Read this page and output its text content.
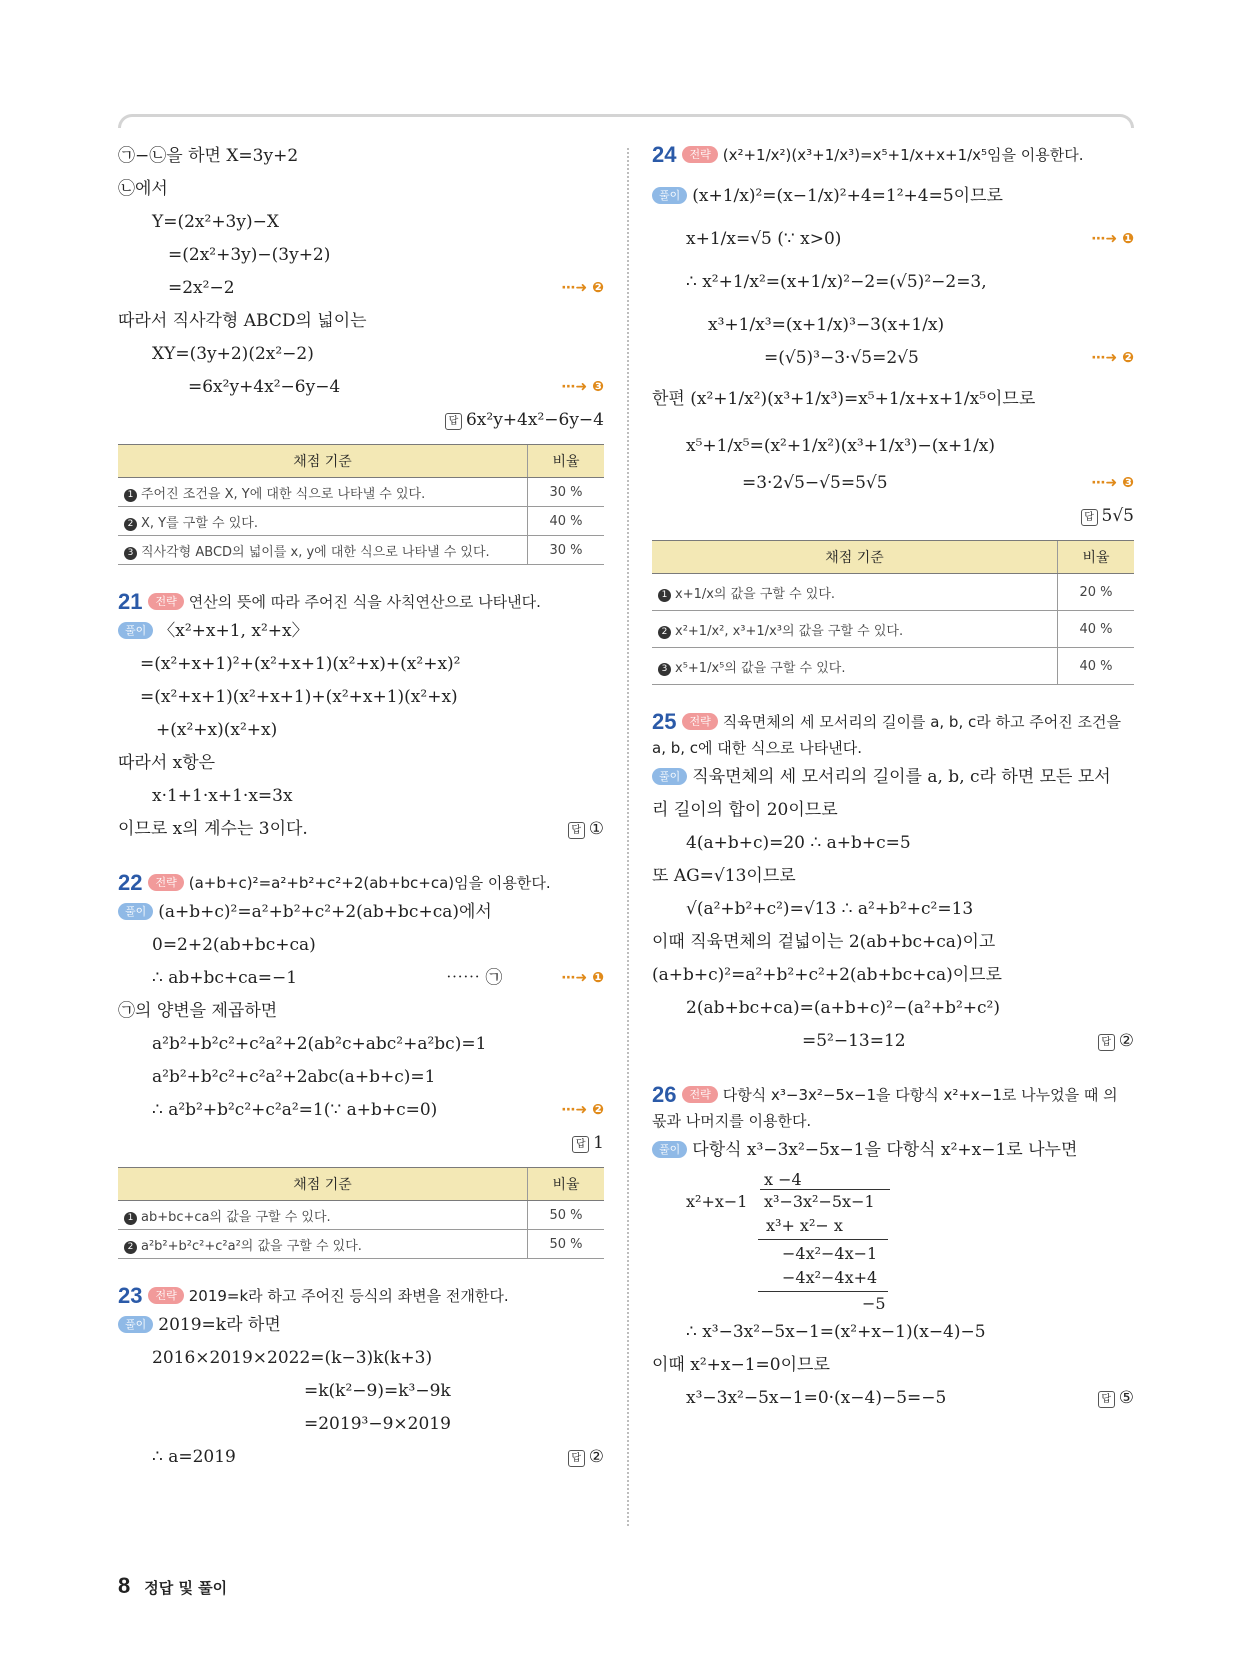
㉠−㉡을 하면 X=3y+2
㉡에서
Y=(2x²+3y)−X
=(2x²+3y)−(3y+2)
=2x²−2	⋯➜ ❷
따라서 직사각형 ABCD의 넓이는
XY=(3y+2)(2x²−2)
=6x²y+4x²−6y−4	⋯➜ ❸
답 6x²y+4x²−6y−4
채점 기준	비율
1 주어진 조건을 X, Y에 대한 식으로 나타낼 수 있다.	30 %
2 X, Y를 구할 수 있다.	40 %
3 직사각형 ABCD의 넓이를 x, y에 대한 식으로 나타낼 수 있다.	30 %
21 전략 연산의 뜻에 따라 주어진 식을 사칙연산으로 나타낸다.
풀이 〈x²+x+1, x²+x〉
=(x²+x+1)²+(x²+x+1)(x²+x)+(x²+x)²
=(x²+x+1)(x²+x+1)+(x²+x+1)(x²+x)
+(x²+x)(x²+x)
따라서 x항은
x·1+1·x+1·x=3x
이므로 x의 계수는 3이다.	답 ①
22 전략 (a+b+c)²=a²+b²+c²+2(ab+bc+ca)임을 이용한다.
풀이 (a+b+c)²=a²+b²+c²+2(ab+bc+ca)에서
0=2+2(ab+bc+ca)
∴ ab+bc+ca=−1	⋯⋯ ㉠	⋯➜ ❶
㉠의 양변을 제곱하면
a²b²+b²c²+c²a²+2(ab²c+abc²+a²bc)=1
a²b²+b²c²+c²a²+2abc(a+b+c)=1
∴ a²b²+b²c²+c²a²=1(∵ a+b+c=0)	⋯➜ ❷
답 1
채점 기준	비율
1 ab+bc+ca의 값을 구할 수 있다.	50 %
2 a²b²+b²c²+c²a²의 값을 구할 수 있다.	50 %
23 전략 2019=k라 하고 주어진 등식의 좌변을 전개한다.
풀이 2019=k라 하면
2016×2019×2022=(k−3)k(k+3)
=k(k²−9)=k³−9k
=2019³−9×2019
∴ a=2019	답 ②
24 전략 (x²+1/x²)(x³+1/x³)=x⁵+1/x+x+1/x⁵임을 이용한다.
풀이 (x+1/x)²=(x−1/x)²+4=1²+4=5이므로
x+1/x=√5 (∵ x>0)	⋯➜ ❶
∴ x²+1/x²=(x+1/x)²−2=(√5)²−2=3,
x³+1/x³=(x+1/x)³−3(x+1/x)
=(√5)³−3·√5=2√5	⋯➜ ❷
한편 (x²+1/x²)(x³+1/x³)=x⁵+1/x+x+1/x⁵이므로
x⁵+1/x⁵=(x²+1/x²)(x³+1/x³)−(x+1/x)
=3·2√5−√5=5√5	⋯➜ ❸
답 5√5
채점 기준	비율
1 x+1/x의 값을 구할 수 있다.	20 %
2 x²+1/x², x³+1/x³의 값을 구할 수 있다.	40 %
3 x⁵+1/x⁵의 값을 구할 수 있다.	40 %
25 전략 직육면체의 세 모서리의 길이를 a, b, c라 하고 주어진 조건을 a, b, c에 대한 식으로 나타낸다.
풀이 직육면체의 세 모서리의 길이를 a, b, c라 하면 모든 모서
리 길이의 합이 20이므로
4(a+b+c)=20 ∴ a+b+c=5
또 AG=√13이므로
√(a²+b²+c²)=√13 ∴ a²+b²+c²=13
이때 직육면체의 겉넓이는 2(ab+bc+ca)이고
(a+b+c)²=a²+b²+c²+2(ab+bc+ca)이므로
2(ab+bc+ca)=(a+b+c)²−(a²+b²+c²)
=5²−13=12	답 ②
26 전략 다항식 x³−3x²−5x−1을 다항식 x²+x−1로 나누었을 때 의 몫과 나머지를 이용한다.
풀이 다항식 x³−3x²−5x−1을 다항식 x²+x−1로 나누면
x −4
x²+x−1 x³−3x²−5x−1
x³+ x²− x
−4x²−4x−1
−4x²−4x+4
−5
∴ x³−3x²−5x−1=(x²+x−1)(x−4)−5
이때 x²+x−1=0이므로
x³−3x²−5x−1=0·(x−4)−5=−5	답 ⑤
8 정답 및 풀이
